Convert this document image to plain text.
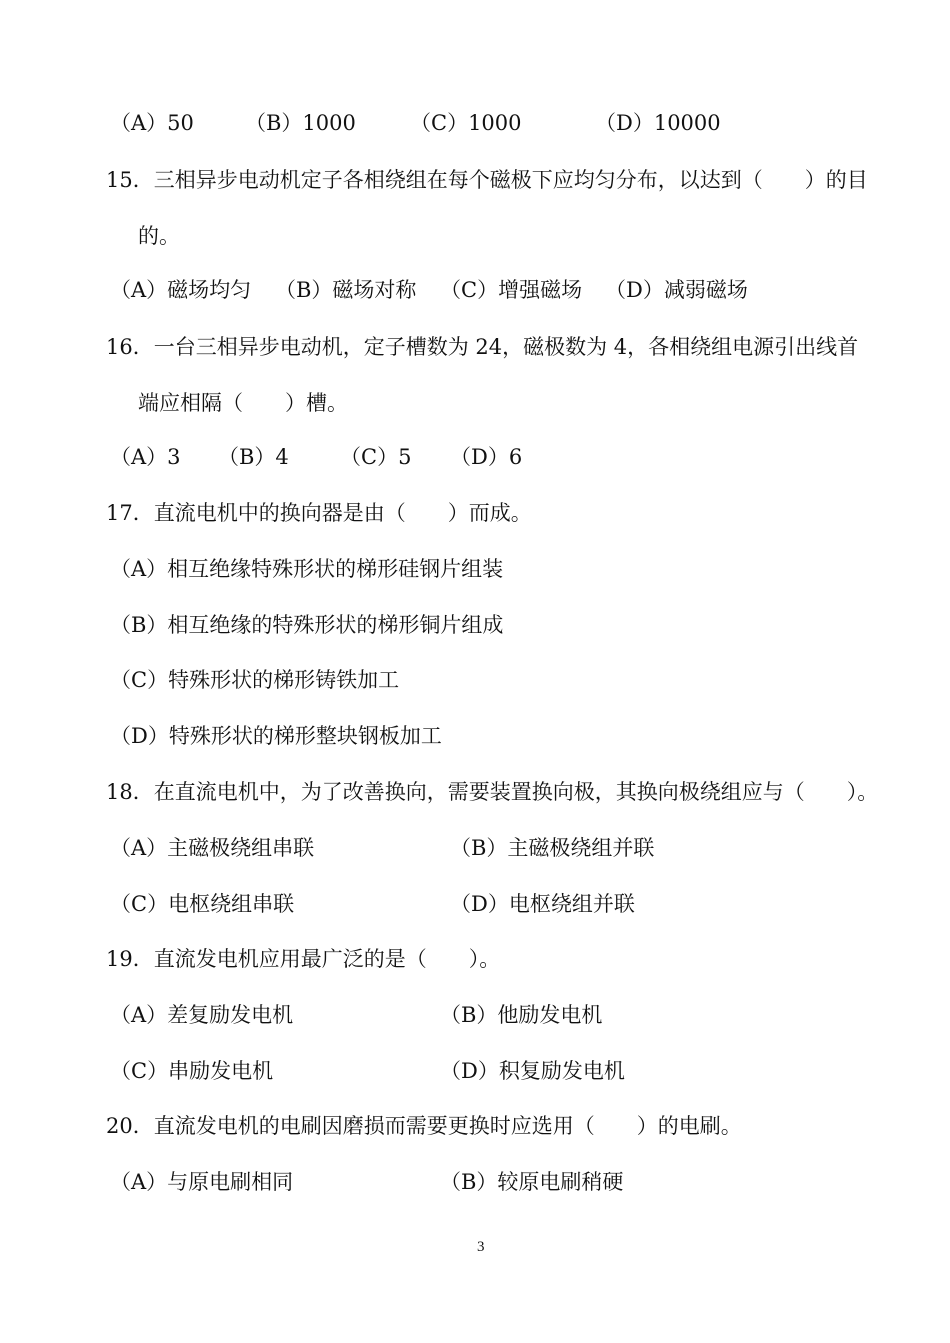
（A）50 （B）1000	（C）1000	（D）10000
15．三相异步电动机定子各相绕组在每个磁极下应均匀分布，以达到（　　）的目
的。
（A）磁场均匀 （B）磁场对称 （C）增强磁场 （D）减弱磁场
16．一台三相异步电动机，定子槽数为 24，磁极数为 4，各相绕组电源引出线首
端应相隔（　　）槽。
（A）3 （B）4 （C）5 （D）6
17．直流电机中的换向器是由（　　）而成。
（A）相互绝缘特殊形状的梯形硅钢片组装
（B）相互绝缘的特殊形状的梯形铜片组成
（C）特殊形状的梯形铸铁加工
（D）特殊形状的梯形整块钢板加工
18．在直流电机中，为了改善换向，需要装置换向极，其换向极绕组应与（　　）。
（A）主磁极绕组串联	（B）主磁极绕组并联
（C）电枢绕组串联	（D）电枢绕组并联
19．直流发电机应用最广泛的是（　　）。
（A）差复励发电机	（B）他励发电机
（C）串励发电机	（D）积复励发电机
20．直流发电机的电刷因磨损而需要更换时应选用（　　）的电刷。
（A）与原电刷相同	（B）较原电刷稍硬
3
